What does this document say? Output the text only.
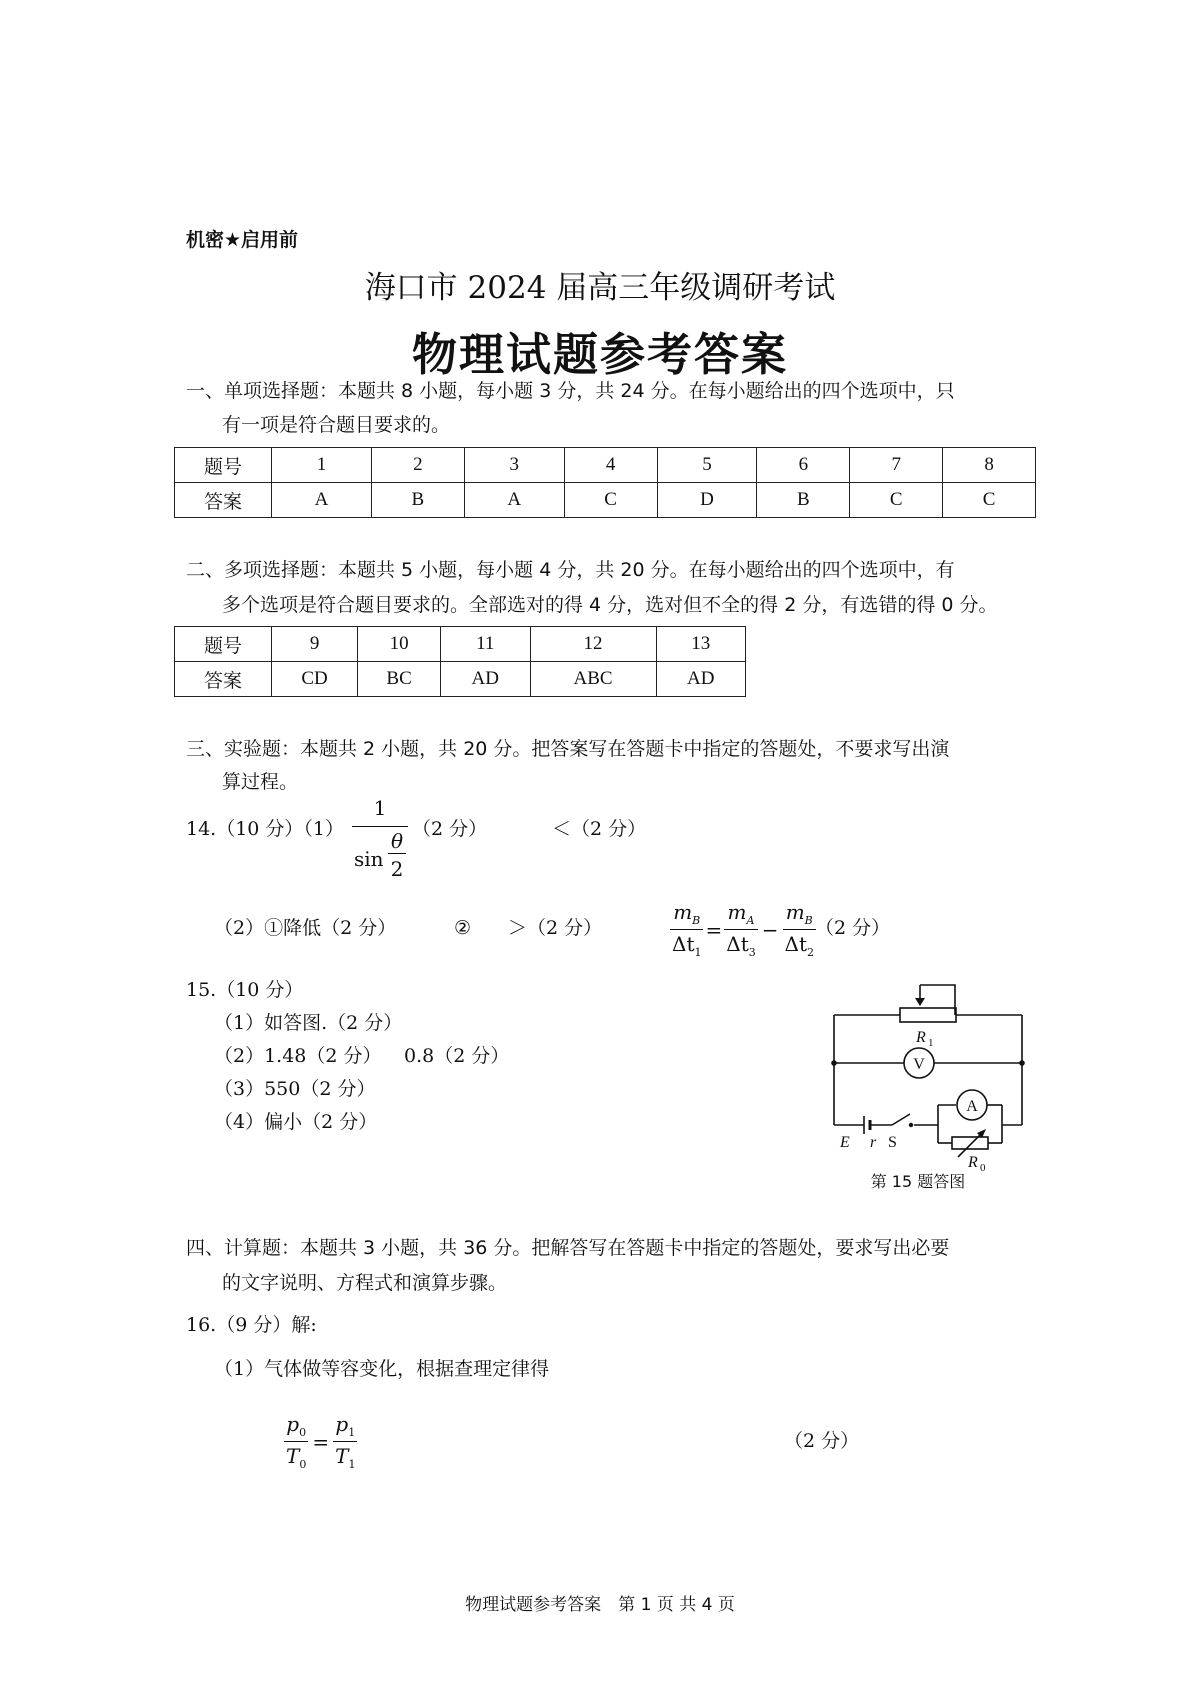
机密★启用前
海口市 2024 届高三年级调研考试
物理试题参考答案
一、单项选择题：本题共 8 小题，每小题 3 分，共 24 分。在每小题给出的四个选项中，只
有一项是符合题目要求的。
题号	1	2	3	4	5	6	7	8
答案	A	B	A	C	D	B	C	C
二、多项选择题：本题共 5 小题，每小题 4 分，共 20 分。在每小题给出的四个选项中，有
多个选项是符合题目要求的。全部选对的得 4 分，选对但不全的得 2 分，有选错的得 0 分。
题号	9	10	11	12	13
答案	CD	BC	AD	ABC	AD
三、实验题：本题共 2 小题，共 20 分。把答案写在答题卡中指定的答题处，不要求写出演
算过程。
14.（10 分）（1） 1
sin
θ
2 （2 分）	＜（2 分）
（2）①降低（2 分）	② ＞（2 分）	$\frac{m_B}{\Delta t_1} = \frac{m_A}{\Delta t_3} - \frac{m_B}{\Delta t_2} (2$ 分）
15.（10 分）
（1）如答图.（2 分）
（2）1.48（2 分） 0.8（2 分）
（3）550（2 分）
（4）偏小（2 分）
R 1
V
A
E r S
R 0
第 15 题答图
四、计算题：本题共 3 小题，共 36 分。把解答写在答题卡中指定的答题处，要求写出必要
的文字说明、方程式和演算步骤。
16.（9 分）解:
（1）气体做等容变化，根据查理定律得
$\frac{p_0}{T_0} = \frac{p_1}{T_1}$	（2 分）
物理试题参考答案　第 1 页 共 4 页
